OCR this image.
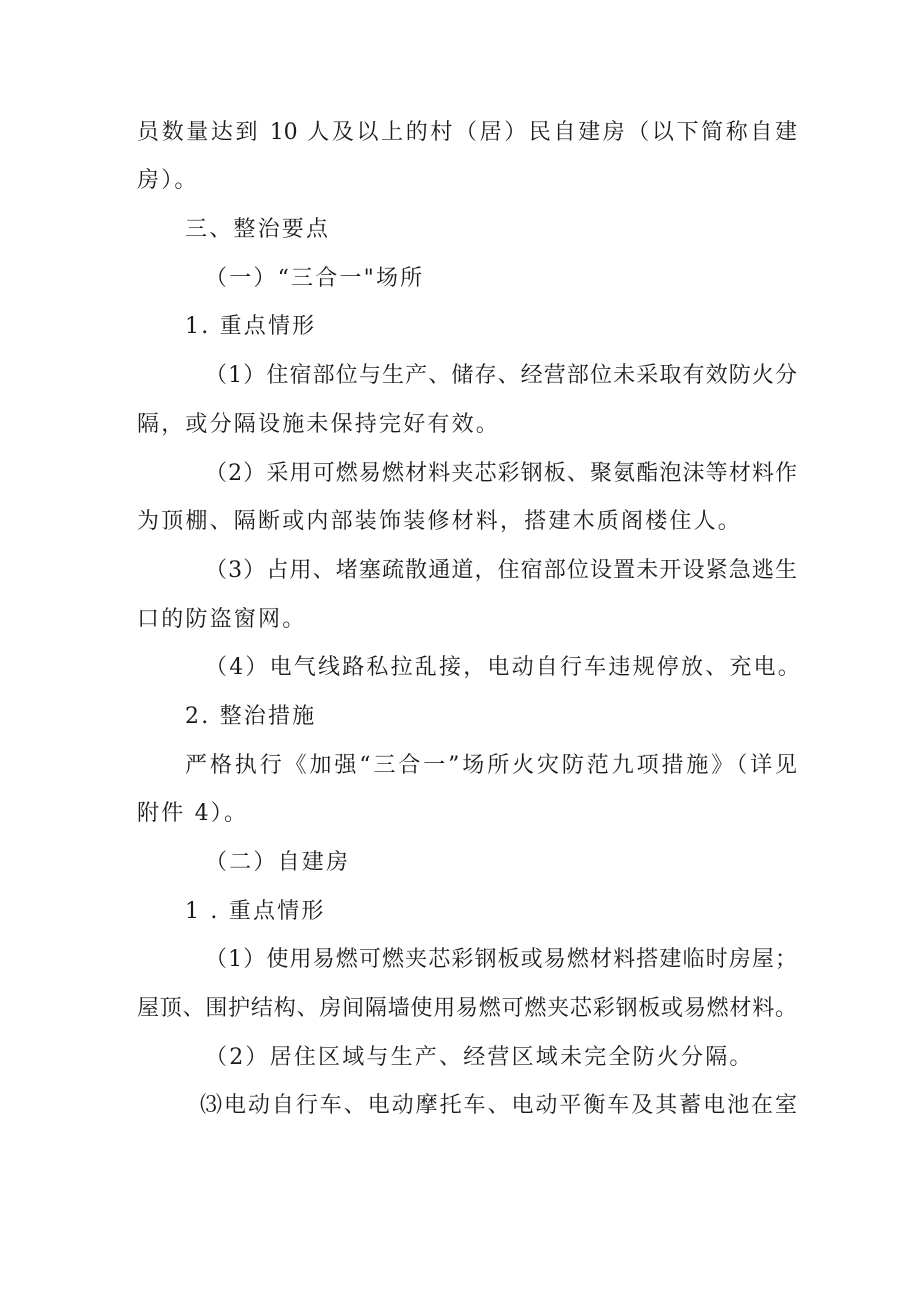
员数量达到 10 人及以上的村（居）民自建房（以下简称自建
房）。
三、整治要点
（一）“三合一"场所
1. 重点情形
（1）住宿部位与生产、储存、经营部位未采取有效防火分
隔，或分隔设施未保持完好有效。
（2）采用可燃易燃材料夹芯彩钢板、聚氨酯泡沫等材料作
为顶棚、隔断或内部装饰装修材料，搭建木质阁楼住人。
（3）占用、堵塞疏散通道，住宿部位设置未开设紧急逃生
口的防盗窗网。
（4）电气线路私拉乱接，电动自行车违规停放、充电。
2. 整治措施
严格执行《加强“三合一”场所火灾防范九项措施》（详见
附件 4）。
（二）自建房
1 . 重点情形
（1）使用易燃可燃夹芯彩钢板或易燃材料搭建临时房屋；
屋顶、围护结构、房间隔墙使用易燃可燃夹芯彩钢板或易燃材料。
（2）居住区域与生产、经营区域未完全防火分隔。
⑶电动自行车、电动摩托车、电动平衡车及其蓄电池在室
